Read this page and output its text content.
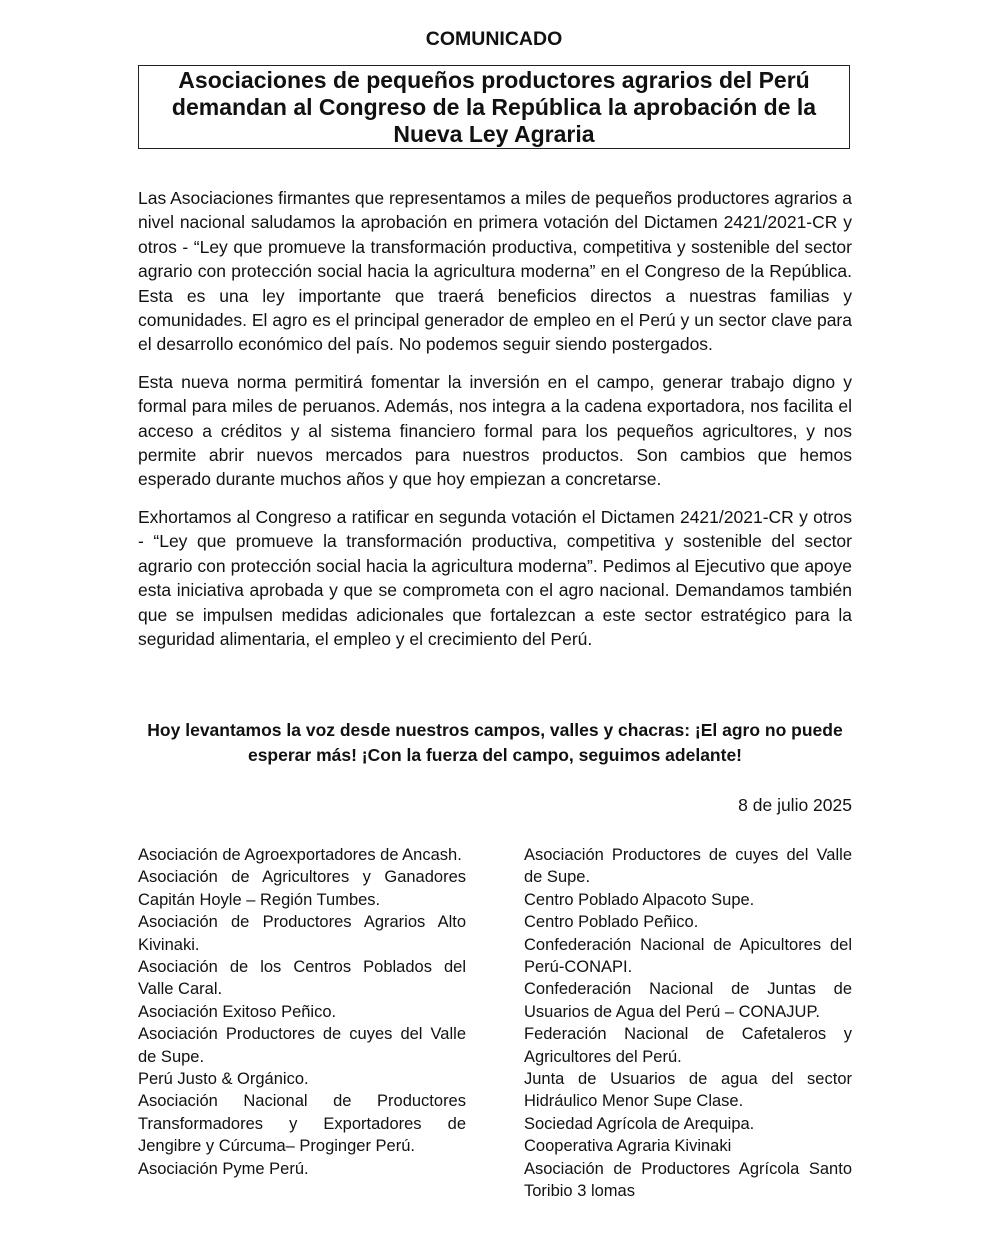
COMUNICADO
Asociaciones de pequeños productores agrarios del Perú demandan al Congreso de la República la aprobación de la Nueva Ley Agraria

Las Asociaciones firmantes que representamos a miles de pequeños productores agrarios a nivel nacional saludamos la aprobación en primera votación del Dictamen 2421/2021-CR y otros - “Ley que promueve la transformación productiva, competitiva y sostenible del sector agrario con protección social hacia la agricultura moderna” en el Congreso de la República. Esta es una ley importante que traerá beneficios directos a nuestras familias y comunidades. El agro es el principal generador de empleo en el Perú y un sector clave para el desarrollo económico del país. No podemos seguir siendo postergados.

Esta nueva norma permitirá fomentar la inversión en el campo, generar trabajo digno y formal para miles de peruanos. Además, nos integra a la cadena exportadora, nos facilita el acceso a créditos y al sistema financiero formal para los pequeños agricultores, y nos permite abrir nuevos mercados para nuestros productos. Son cambios que hemos esperado durante muchos años y que hoy empiezan a concretarse.

Exhortamos al Congreso a ratificar en segunda votación el Dictamen 2421/2021-CR y otros - “Ley que promueve la transformación productiva, competitiva y sostenible del sector agrario con protección social hacia la agricultura moderna”. Pedimos al Ejecutivo que apoye esta iniciativa aprobada y que se comprometa con el agro nacional. Demandamos también que se impulsen medidas adicionales que fortalezcan a este sector estratégico para la seguridad alimentaria, el empleo y el crecimiento del Perú.

Hoy levantamos la voz desde nuestros campos, valles y chacras: ¡El agro no puede esperar más! ¡Con la fuerza del campo, seguimos adelante!
8 de julio 2025
Asociación de Agroexportadores de Ancash.
Asociación de Agricultores y Ganadores Capitán Hoyle – Región Tumbes.
Asociación de Productores Agrarios Alto Kivinaki.
Asociación de los Centros Poblados del Valle Caral.
Asociación Exitoso Peñico.
Asociación Productores de cuyes del Valle de Supe.
Perú Justo & Orgánico.
Asociación Nacional de Productores Transformadores y Exportadores de Jengibre y Cúrcuma– Proginger Perú.
Asociación Pyme Perú.
Asociación Productores de cuyes del Valle de Supe.
Centro Poblado Alpacoto Supe.
Centro Poblado Peñico.
Confederación Nacional de Apicultores del Perú-CONAPI.
Confederación Nacional de Juntas de Usuarios de Agua del Perú – CONAJUP.
Federación Nacional de Cafetaleros y Agricultores del Perú.
Junta de Usuarios de agua del sector Hidráulico Menor Supe Clase.
Sociedad Agrícola de Arequipa.
Cooperativa Agraria Kivinaki
Asociación de Productores Agrícola Santo Toribio 3 lomas
